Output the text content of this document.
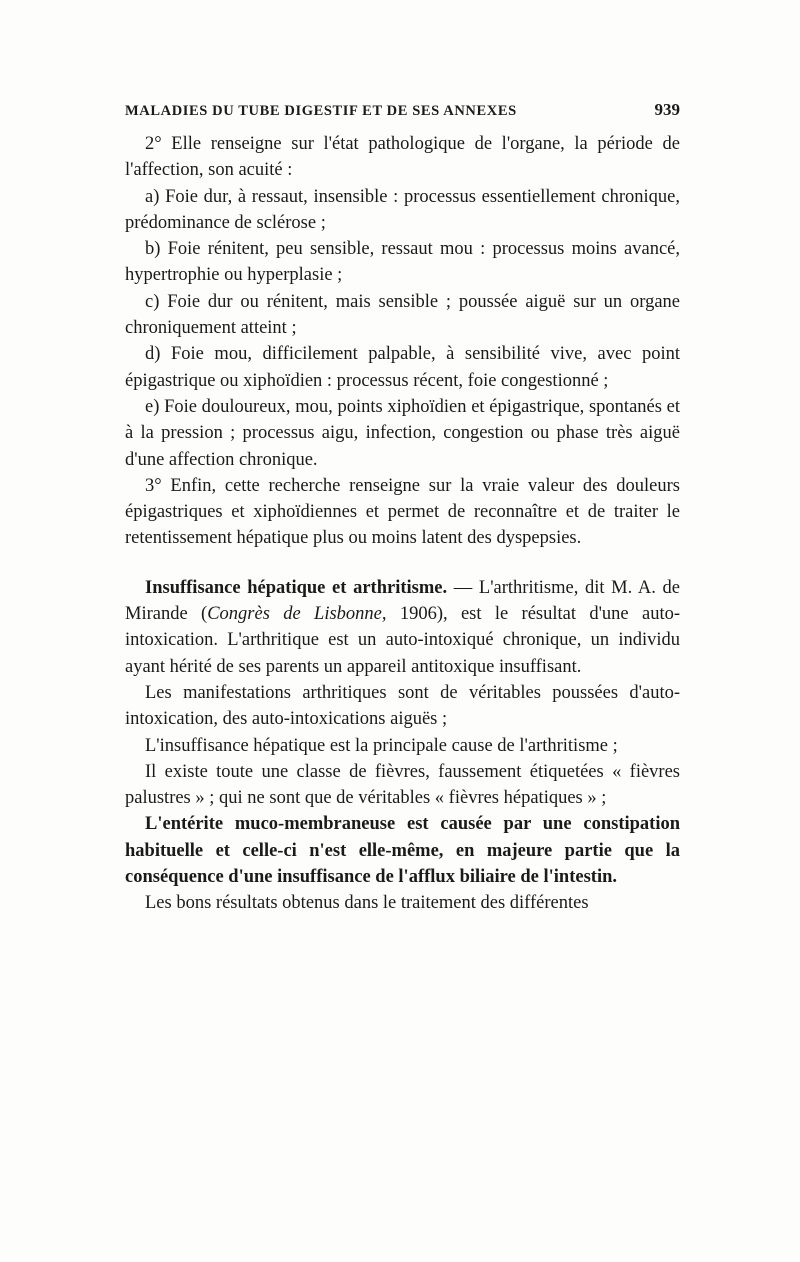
MALADIES DU TUBE DIGESTIF ET DE SES ANNEXES	939

2° Elle renseigne sur l'état pathologique de l'organe, la période de l'affection, son acuité :

a) Foie dur, à ressaut, insensible : processus essentiellement chronique, prédominance de sclérose ;

b) Foie rénitent, peu sensible, ressaut mou : processus moins avancé, hypertrophie ou hyperplasie ;

c) Foie dur ou rénitent, mais sensible ; poussée aiguë sur un organe chroniquement atteint ;

d) Foie mou, difficilement palpable, à sensibilité vive, avec point épigastrique ou xiphoïdien : processus récent, foie congestionné ;

e) Foie douloureux, mou, points xiphoïdien et épigastrique, spontanés et à la pression ; processus aigu, infection, congestion ou phase très aiguë d'une affection chronique.

3° Enfin, cette recherche renseigne sur la vraie valeur des douleurs épigastriques et xiphoïdiennes et permet de reconnaître et de traiter le retentissement hépatique plus ou moins latent des dyspepsies.

Insuffisance hépatique et arthritisme. — L'arthritisme, dit M. A. de Mirande (Congrès de Lisbonne, 1906), est le résultat d'une auto-intoxication. L'arthritique est un auto-intoxiqué chronique, un individu ayant hérité de ses parents un appareil antitoxique insuffisant.

Les manifestations arthritiques sont de véritables poussées d'auto-intoxication, des auto-intoxications aiguës ;

L'insuffisance hépatique est la principale cause de l'arthritisme ;

Il existe toute une classe de fièvres, faussement étiquetées « fièvres palustres » ; qui ne sont que de véritables « fièvres hépatiques » ;

L'entérite muco-membraneuse est causée par une constipation habituelle et celle-ci n'est elle-même, en majeure partie que la conséquence d'une insuffisance de l'afflux biliaire de l'intestin.

Les bons résultats obtenus dans le traitement des différentes
